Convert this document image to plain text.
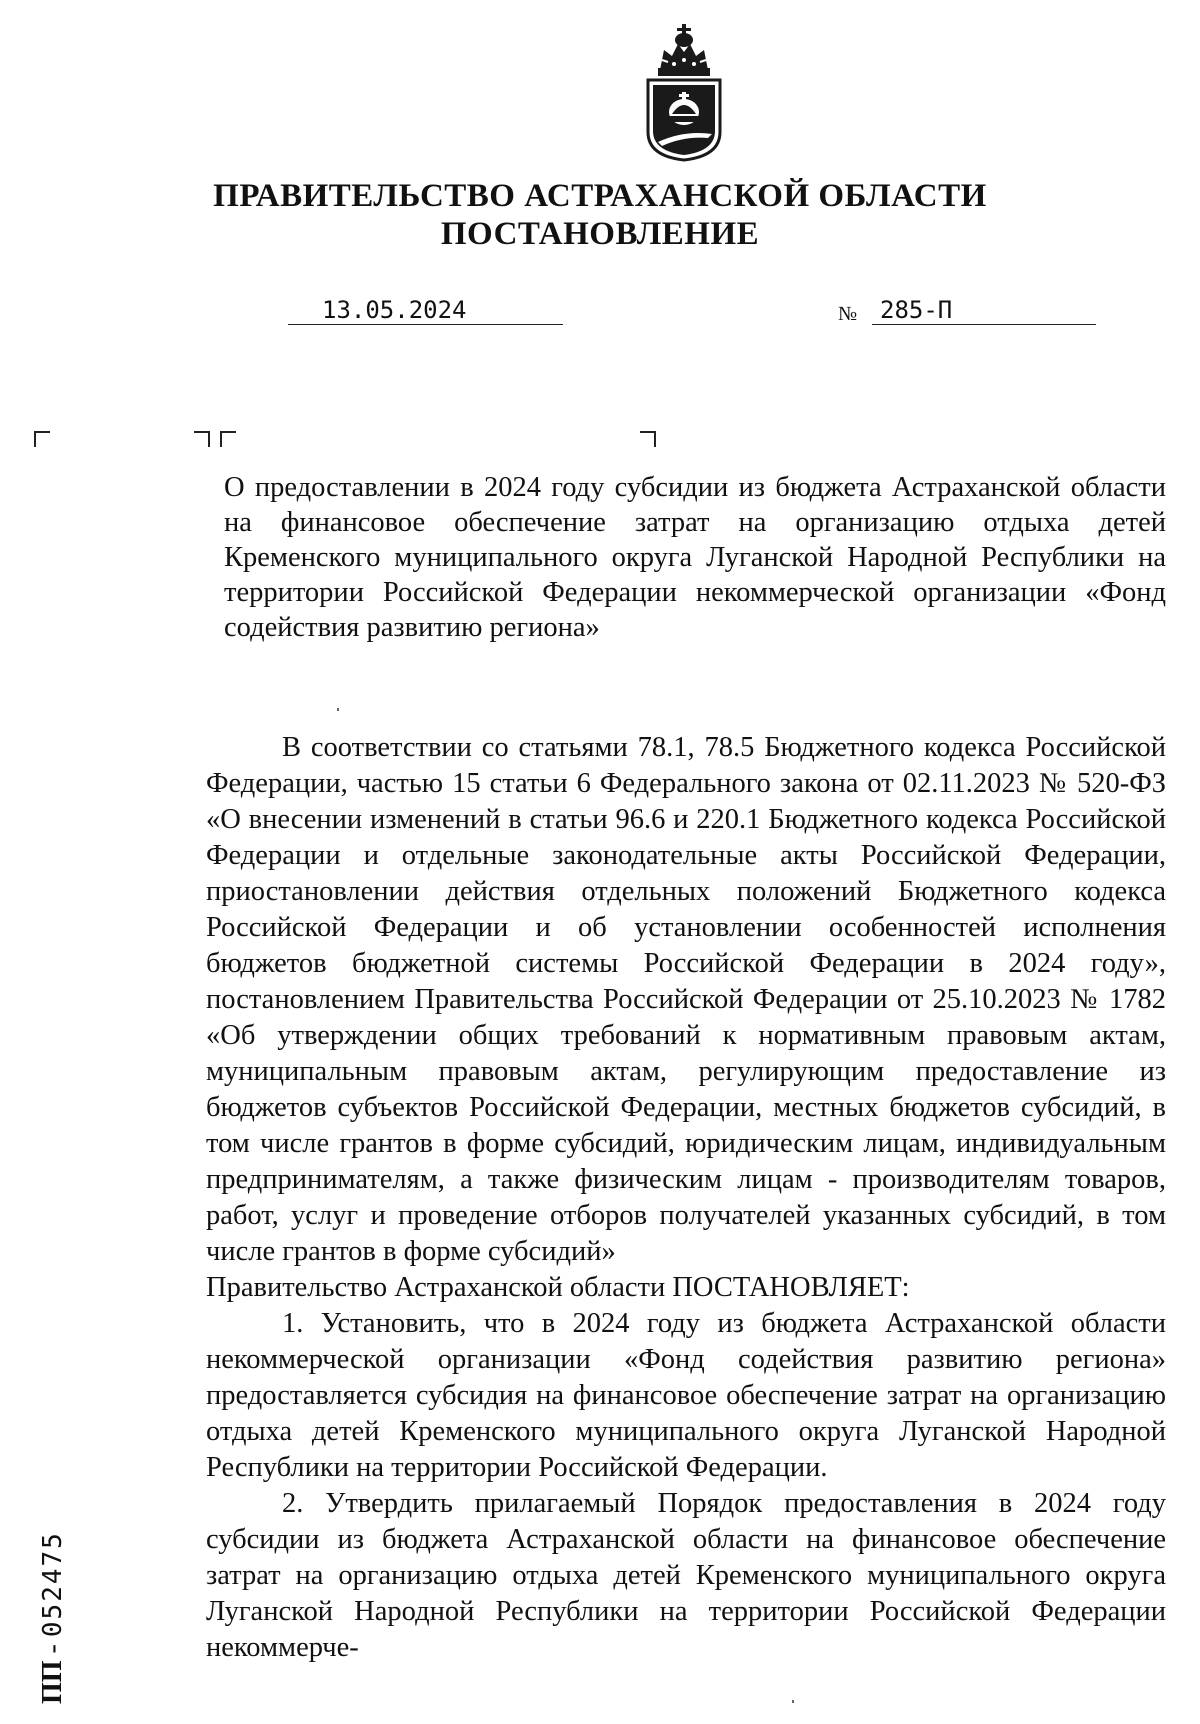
ПРАВИТЕЛЬСТВО АСТРАХАНСКОЙ ОБЛАСТИ
ПОСТАНОВЛЕНИЕ
13.05.2024	№ 285-П
О предоставлении в 2024 году субсидии из бюджета Астраханской области на финансовое обеспечение затрат на организацию отдыха детей Кременского муниципального округа Луганской Народной Республики на территории Российской Федерации некоммерческой организации «Фонд содействия развитию региона»

В соответствии со статьями 78.1, 78.5 Бюджетного кодекса Российской Федерации, частью 15 статьи 6 Федерального закона от 02.11.2023 № 520-ФЗ «О внесении изменений в статьи 96.6 и 220.1 Бюджетного кодекса Российской Федерации и отдельные законодательные акты Российской Федерации, приостановлении действия отдельных положений Бюджетного кодекса Российской Федерации и об установлении особенностей исполнения бюджетов бюджетной системы Российской Федерации в 2024 году», постановлением Правительства Российской Федерации от 25.10.2023 № 1782 «Об утверждении общих требований к нормативным правовым актам, муниципальным правовым актам, регулирующим предоставление из бюджетов субъектов Российской Федерации, местных бюджетов субсидий, в том числе грантов в форме субсидий, юридическим лицам, индивидуальным предпринимателям, а также физическим лицам - производителям товаров, работ, услуг и проведение отборов получателей указанных субсидий, в том числе грантов в форме субсидий»

Правительство Астраханской области ПОСТАНОВЛЯЕТ:

1. Установить, что в 2024 году из бюджета Астраханской области некоммерческой организации «Фонд содействия развитию региона» предоставляется субсидия на финансовое обеспечение затрат на организацию отдыха детей Кременского муниципального округа Луганской Народной Республики на территории Российской Федерации.

2. Утвердить прилагаемый Порядок предоставления в 2024 году субсидии из бюджета Астраханской области на финансовое обеспечение затрат на организацию отдыха детей Кременского муниципального округа Луганской Народной Республики на территории Российской Федерации некоммерче-

ПП - 052475
